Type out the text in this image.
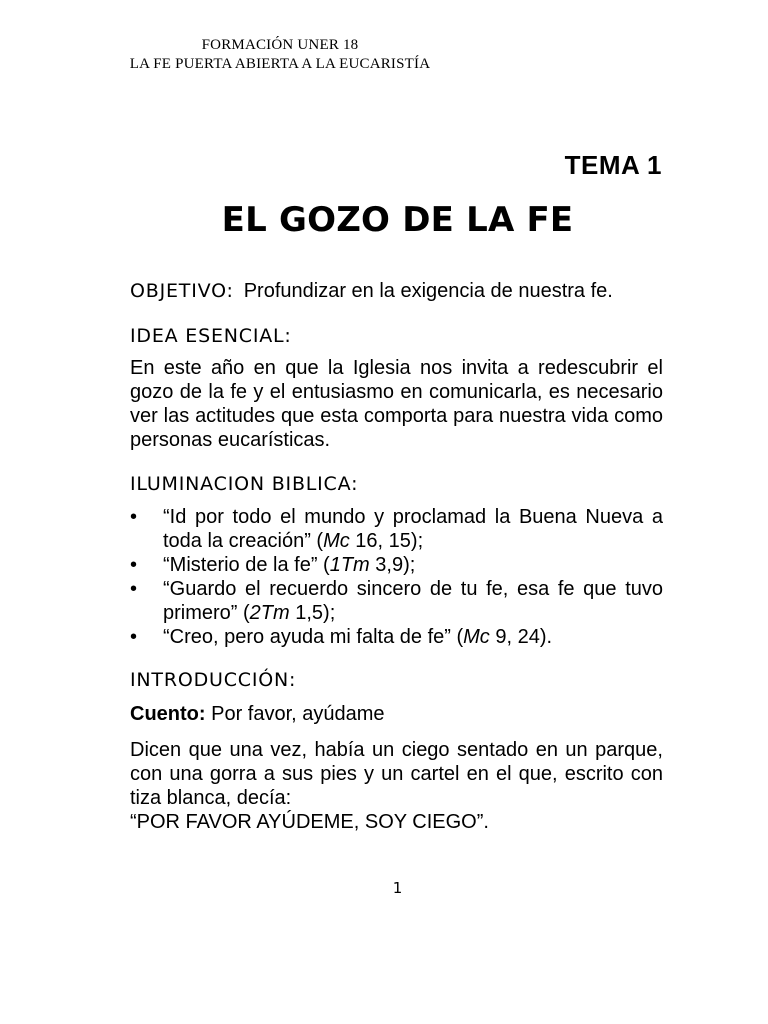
FORMACIÓN UNER 18
LA FE PUERTA ABIERTA A LA EUCARISTÍA
TEMA 1
EL GOZO DE LA FE

OBJETIVO: Profundizar en la exigencia de nuestra fe.

IDEA ESENCIAL:

En este año en que la Iglesia nos invita a redescubrir el gozo de la fe y el entusiasmo en comunicarla, es necesario ver las actitudes que esta comporta para nuestra vida como personas eucarísticas.

ILUMINACION BIBLICA:
• “Id por todo el mundo y proclamad la Buena Nueva a toda la creación” (Mc 16, 15);
• “Misterio de la fe” (1Tm 3,9);
• “Guardo el recuerdo sincero de tu fe, esa fe que tuvo primero” (2Tm 1,5);
• “Creo, pero ayuda mi falta de fe” (Mc 9, 24).
INTRODUCCIÓN:
Cuento: Por favor, ayúdame

Dicen que una vez, había un ciego sentado en un parque, con una gorra a sus pies y un cartel en el que, escrito con tiza blanca, decía:

“POR FAVOR AYÚDEME, SOY CIEGO”.

1
